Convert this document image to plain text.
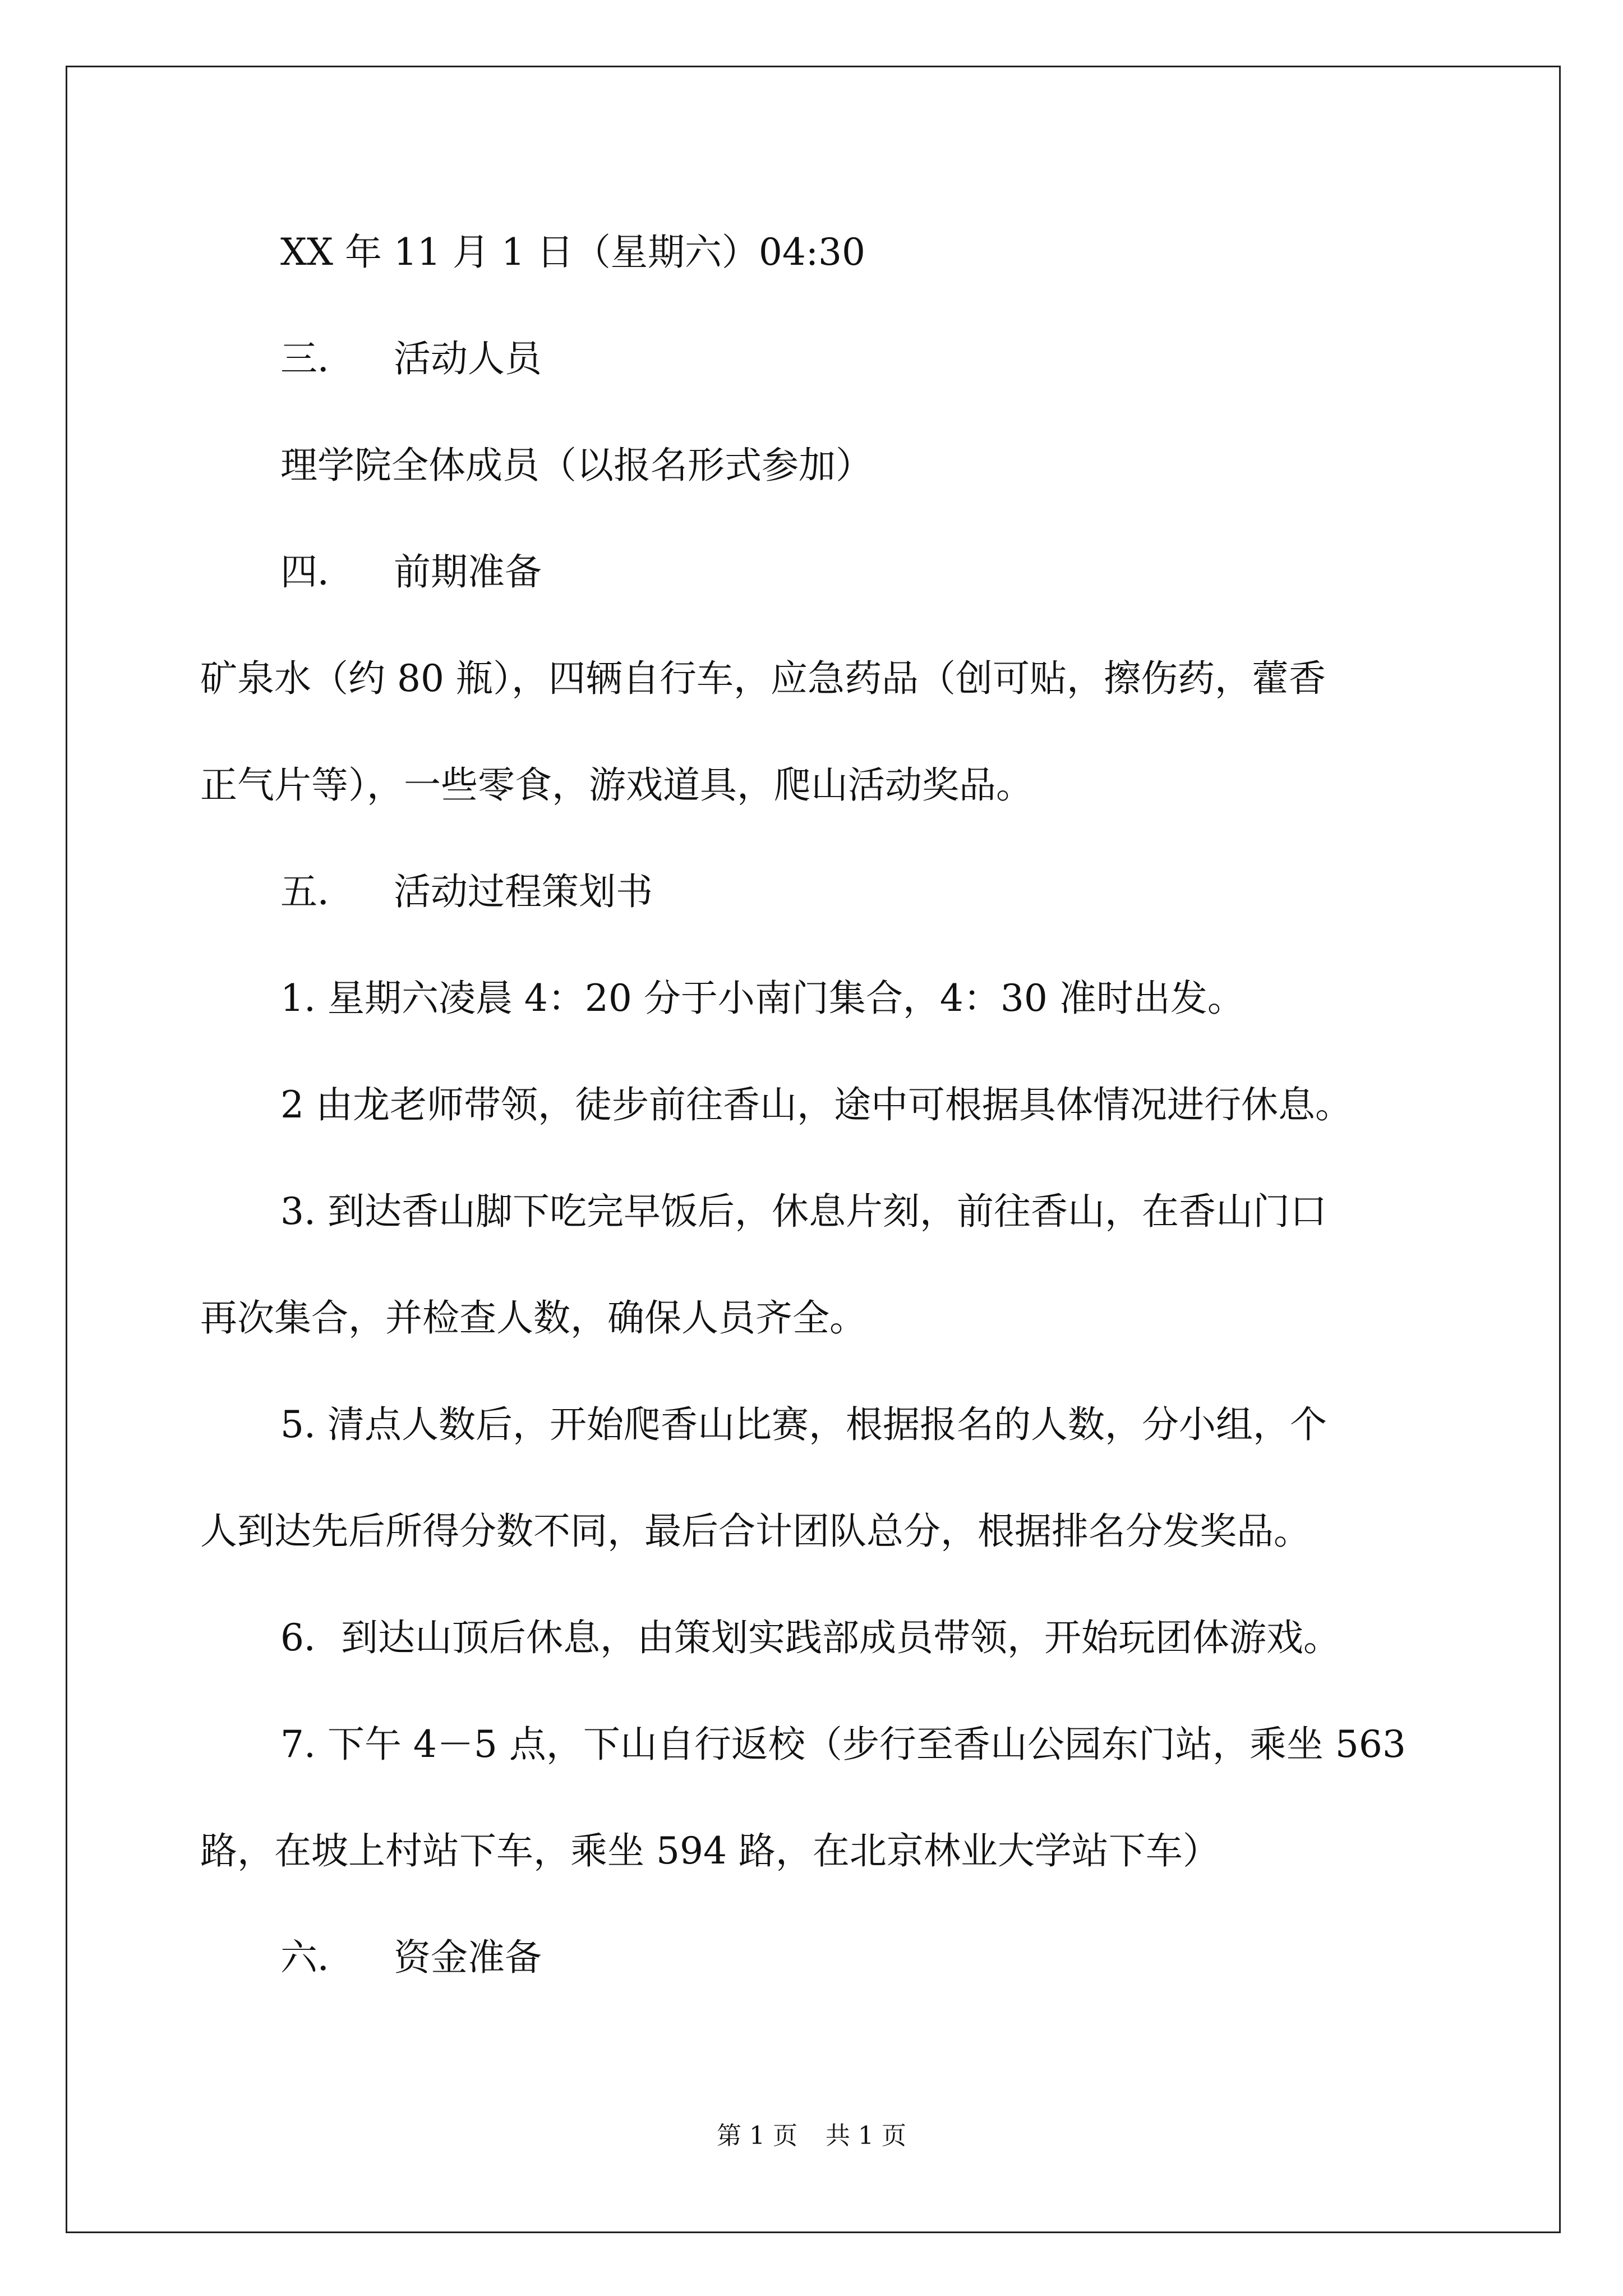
XX 年 11 月 1 日（星期六）04:30

三． 活动人员

理学院全体成员（以报名形式参加）

四． 前期准备

矿泉水（约 80 瓶），四辆自行车，应急药品（创可贴，擦伤药，藿香

正气片等），一些零食，游戏道具，爬山活动奖品。

五． 活动过程策划书

1. 星期六凌晨 4：20 分于小南门集合，4：30 准时出发。

2 由龙老师带领，徒步前往香山，途中可根据具体情况进行休息。

3. 到达香山脚下吃完早饭后，休息片刻，前往香山，在香山门口

再次集合，并检查人数，确保人员齐全。

5. 清点人数后，开始爬香山比赛，根据报名的人数，分小组，个

人到达先后所得分数不同，最后合计团队总分，根据排名分发奖品。

6．到达山顶后休息，由策划实践部成员带领，开始玩团体游戏。

7. 下午 4－5 点，下山自行返校（步行至香山公园东门站，乘坐 563

路，在坡上村站下车，乘坐 594 路，在北京林业大学站下车）

六． 资金准备

第 1 页 共 1 页
